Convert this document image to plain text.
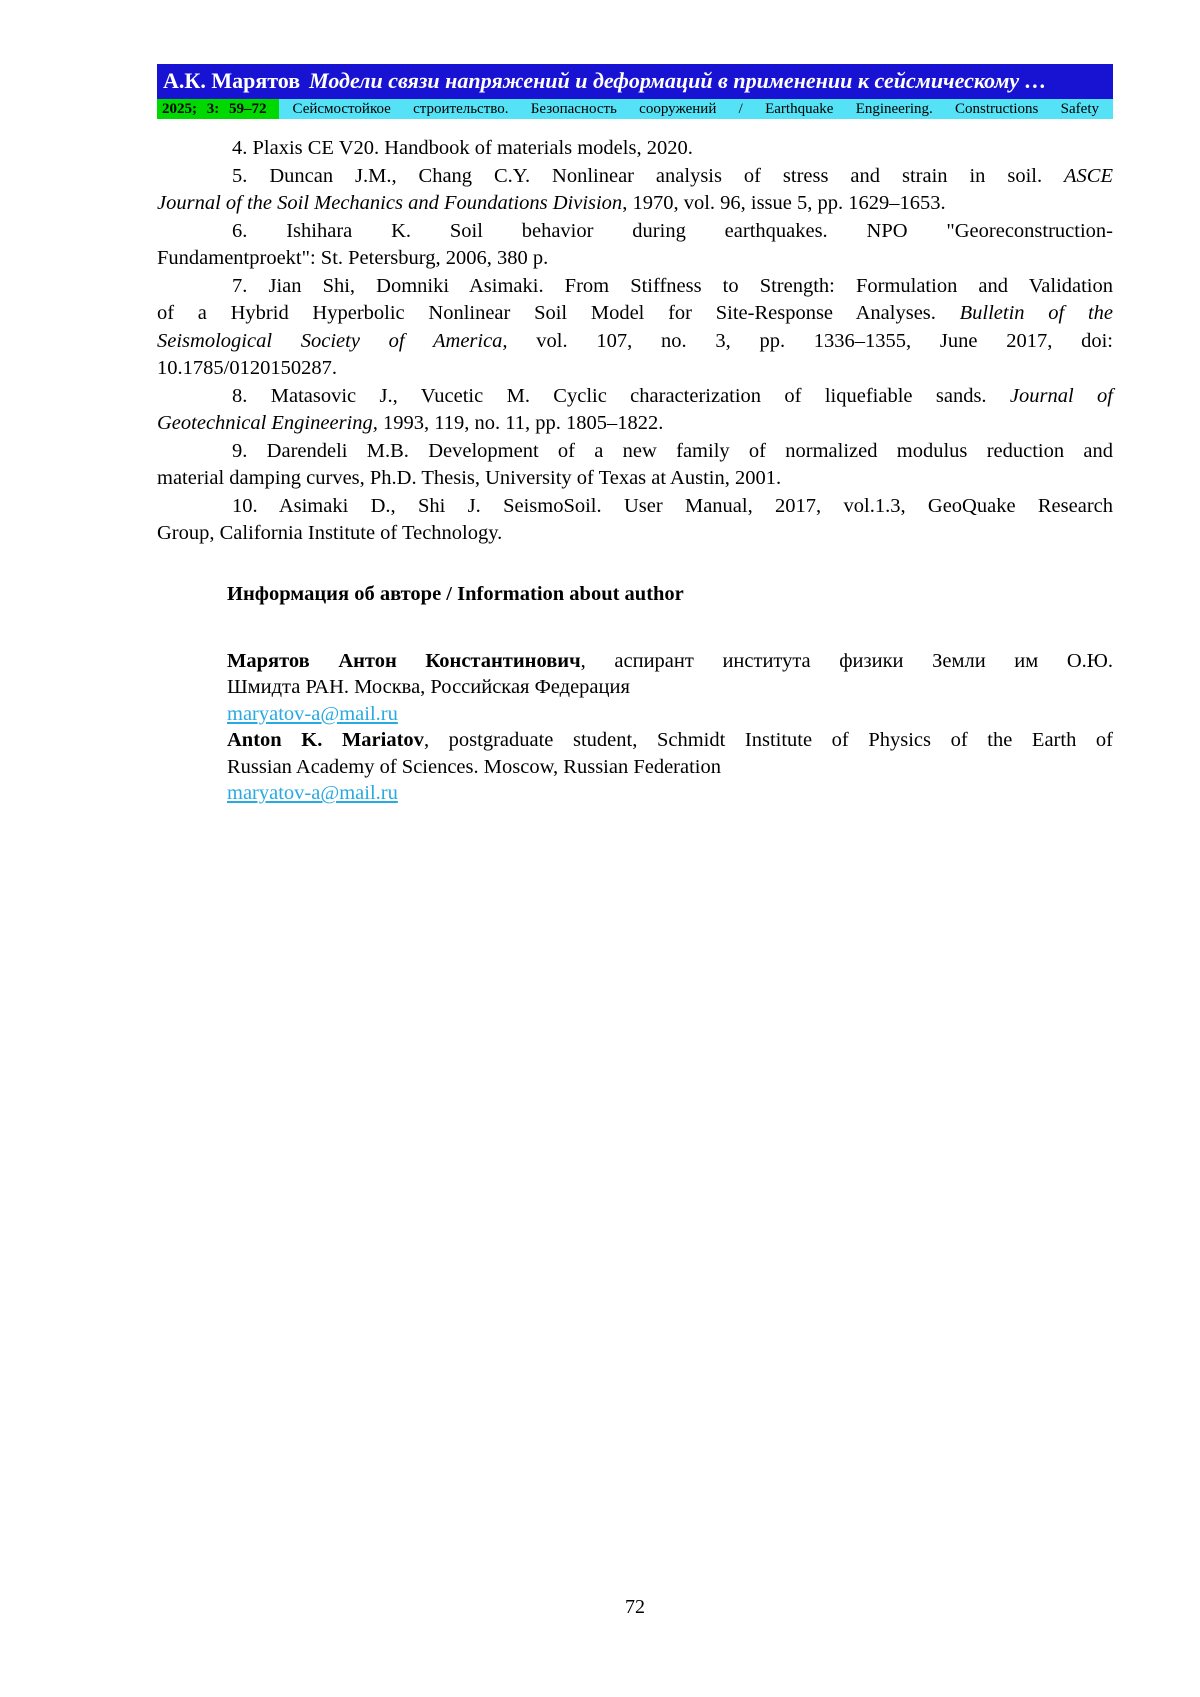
А.К. Марятов Модели связи напряжений и деформаций в применении к сейсмическому …
2025; 3: 59–72	Сейсмостойкое строительство. Безопасность сооружений / Earthquake Engineering. Constructions Safety
4. Plaxis CE V20. Handbook of materials models, 2020.
5. Duncan J.M., Chang C.Y. Nonlinear analysis of stress and strain in soil. ASCE
Journal of the Soil Mechanics and Foundations Division, 1970, vol. 96, issue 5, pp. 1629–1653.
6. Ishihara K. Soil behavior during earthquakes. NPO "Georeconstruction-
Fundamentproekt": St. Petersburg, 2006, 380 p.
7. Jian Shi, Domniki Asimaki. From Stiffness to Strength: Formulation and Validation
of a Hybrid Hyperbolic Nonlinear Soil Model for Site-Response Analyses. Bulletin of the
Seismological Society of America, vol. 107, no. 3, pp. 1336–1355, June 2017, doi:
10.1785/0120150287.
8. Matasovic J., Vucetic M. Cyclic characterization of liquefiable sands. Journal of
Geotechnical Engineering, 1993, 119, no. 11, pp. 1805–1822.
9. Darendeli M.B. Development of a new family of normalized modulus reduction and
material damping curves, Ph.D. Thesis, University of Texas at Austin, 2001.
10. Asimaki D., Shi J. SeismoSoil. User Manual, 2017, vol.1.3, GeoQuake Research
Group, California Institute of Technology.
Информация об авторе / Information about author
Марятов Антон Константинович, аспирант института физики Земли им О.Ю.
Шмидта РАН. Москва, Российская Федерация
maryatov-a@mail.ru
Anton K. Mariatov, postgraduate student, Schmidt Institute of Physics of the Earth of
Russian Academy of Sciences. Moscow, Russian Federation
maryatov-a@mail.ru
72
